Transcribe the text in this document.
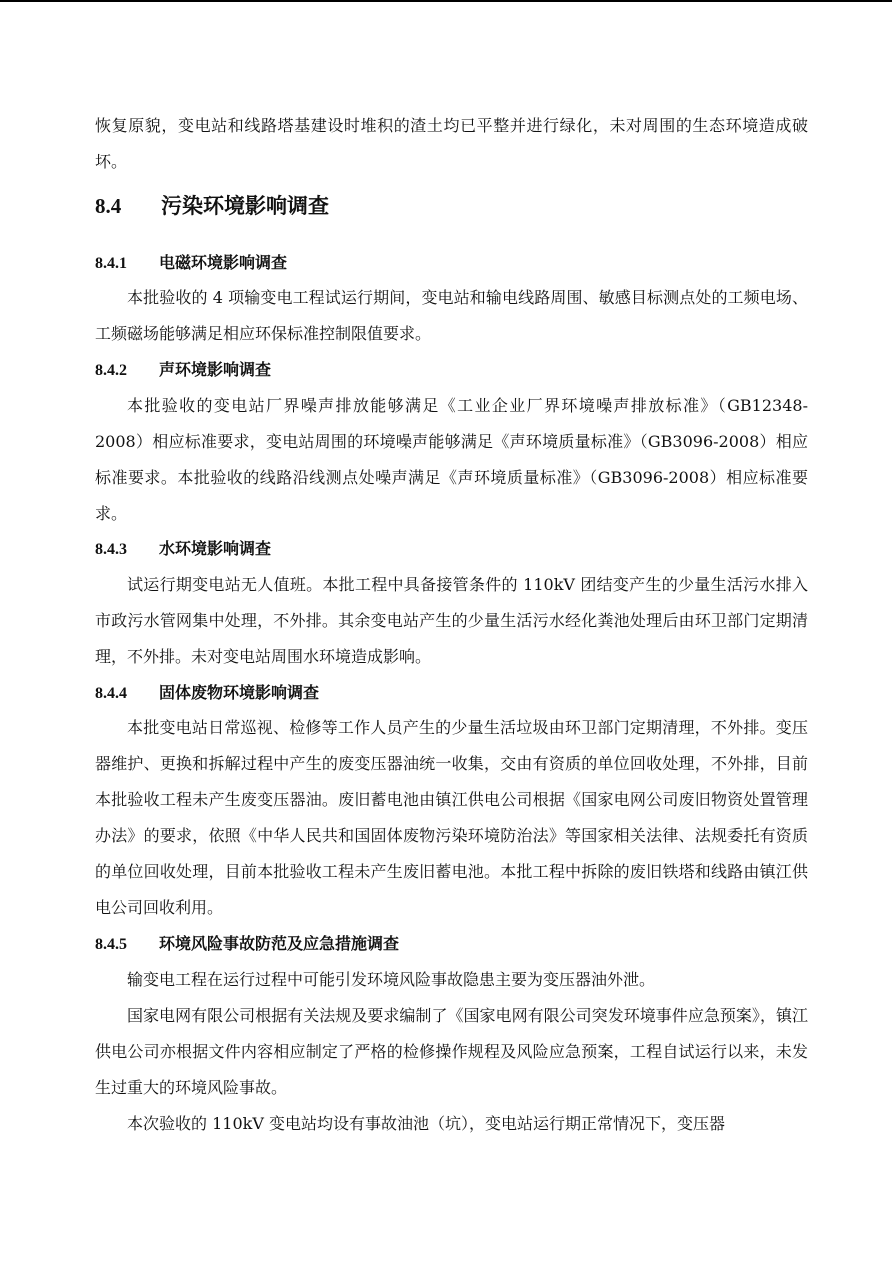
恢复原貌，变电站和线路塔基建设时堆积的渣土均已平整并进行绿化，未对周围的生态环境造成破坏。

8.4 污染环境影响调查
8.4.1 电磁环境影响调查

本批验收的 4 项输变电工程试运行期间，变电站和输电线路周围、敏感目标测点处的工频电场、工频磁场能够满足相应环保标准控制限值要求。

8.4.2 声环境影响调查

本批验收的变电站厂界噪声排放能够满足《工业企业厂界环境噪声排放标准》（GB12348-2008）相应标准要求，变电站周围的环境噪声能够满足《声环境质量标准》（GB3096-2008）相应标准要求。本批验收的线路沿线测点处噪声满足《声环境质量标准》（GB3096-2008）相应标准要求。

8.4.3 水环境影响调查

试运行期变电站无人值班。本批工程中具备接管条件的 110kV 团结变产生的少量生活污水排入市政污水管网集中处理，不外排。其余变电站产生的少量生活污水经化粪池处理后由环卫部门定期清理，不外排。未对变电站周围水环境造成影响。

8.4.4 固体废物环境影响调查

本批变电站日常巡视、检修等工作人员产生的少量生活垃圾由环卫部门定期清理，不外排。变压器维护、更换和拆解过程中产生的废变压器油统一收集，交由有资质的单位回收处理，不外排，目前本批验收工程未产生废变压器油。废旧蓄电池由镇江供电公司根据《国家电网公司废旧物资处置管理办法》的要求，依照《中华人民共和国固体废物污染环境防治法》等国家相关法律、法规委托有资质的单位回收处理，目前本批验收工程未产生废旧蓄电池。本批工程中拆除的废旧铁塔和线路由镇江供电公司回收利用。

8.4.5 环境风险事故防范及应急措施调查

输变电工程在运行过程中可能引发环境风险事故隐患主要为变压器油外泄。

国家电网有限公司根据有关法规及要求编制了《国家电网有限公司突发环境事件应急预案》，镇江供电公司亦根据文件内容相应制定了严格的检修操作规程及风险应急预案，工程自试运行以来，未发生过重大的环境风险事故。

本次验收的 110kV 变电站均设有事故油池（坑），变电站运行期正常情况下，变压器
